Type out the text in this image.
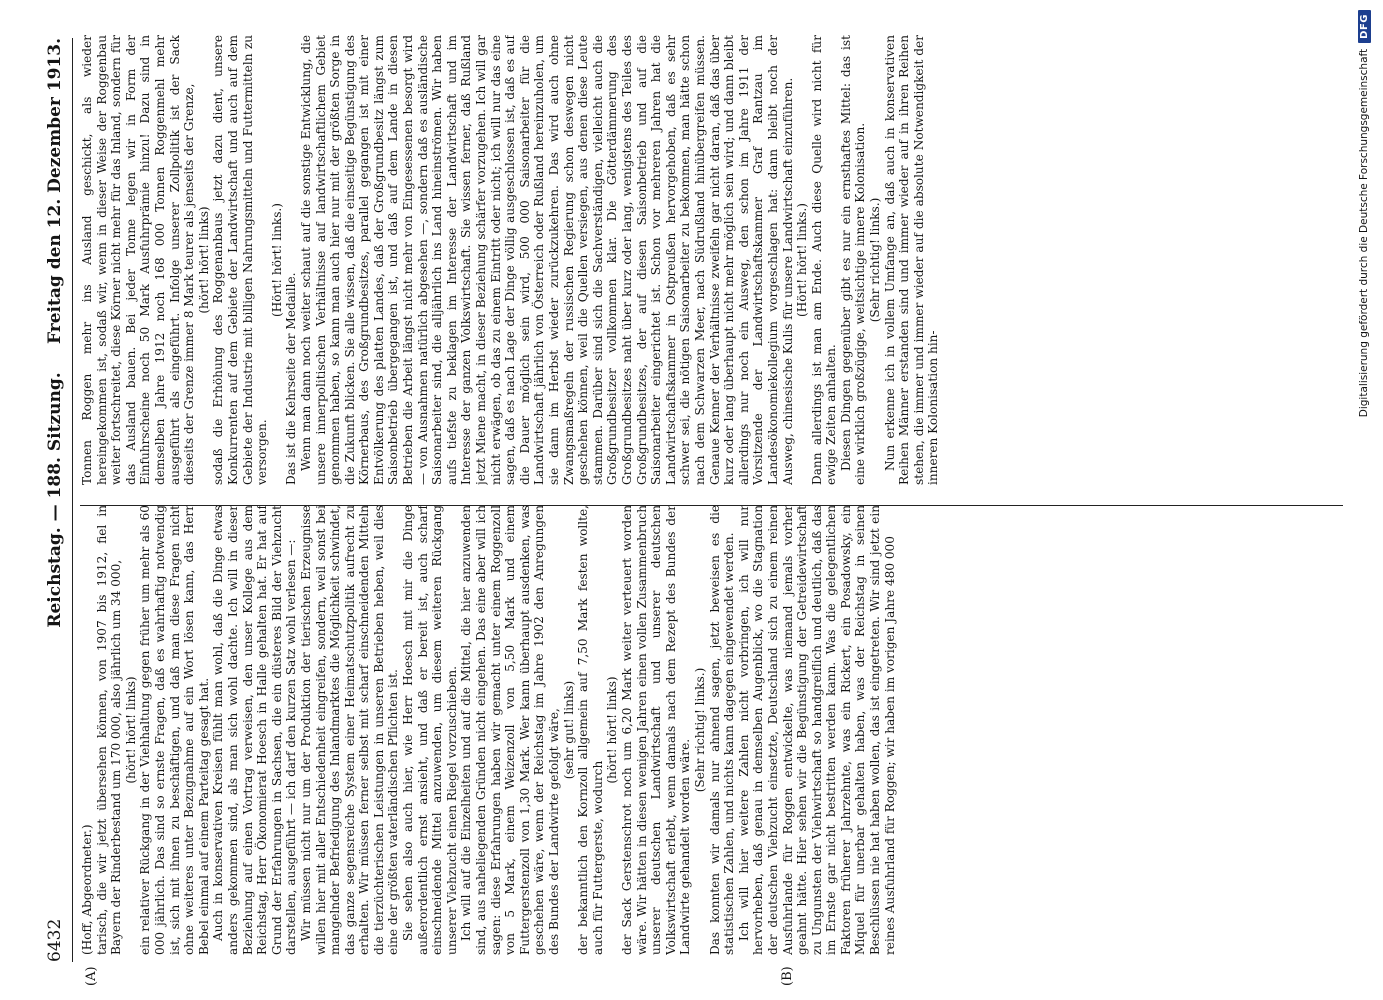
6432
Reichstag. — 188. Sitzung.
Freitag den 12. Dezember 1913.
(A)	(B)

(Hoff, Abgeordneter.) tarisch, die wir jetzt übersehen können, von 1907 bis 1912, fiel in Bayern der Rinderbestand um 170 000, also jährlich um 34 000, (hört! hört! links) ein relativer Rückgang in der Viehhaltung gegen früher um mehr als 60 000 jährlich. Das sind so ernste Fragen, daß es wahrhaftig notwendig ist, sich mit ihnen zu beschäftigen, und daß man diese Fragen nicht ohne weiteres unter Bezugnahme auf ein Wort lösen kann, das Herr Bebel einmal auf einem Parteitag gesagt hat. Auch in konservativen Kreisen fühlt man wohl, daß die Dinge etwas anders gekommen sind, als man sich wohl dachte. Ich will in dieser Beziehung auf einen Vortrag verweisen, den unser Kollege aus dem Reichstag, Herr Ökonomierat Hoesch in Halle gehalten hat. Er hat auf Grund der Erfahrungen in Sachsen, die ein düsteres Bild der Viehzucht darstellen, ausgeführt — ich darf den kurzen Satz wohl verlesen —: Wir müssen nicht nur um der Produktion der tierischen Erzeugnisse willen hier mit aller Entschiedenheit eingreifen, sondern, weil sonst bei mangelnder Befriedigung des Inlandmarktes die Möglichkeit schwindet, das ganze segensreiche System einer Heimatschutzpolitik aufrecht zu erhalten. Wir müssen ferner selbst mit scharf einschneidenden Mitteln die tierzüchterischen Leistungen in unseren Betrieben heben, weil dies eine der größten vaterländischen Pflichten ist. Sie sehen also auch hier, wie Herr Hoesch mit mir die Dinge außerordentlich ernst ansieht, und daß er bereit ist, auch scharf einschneidende Mittel anzuwenden, um diesem weiteren Rückgang unserer Viehzucht einen Riegel vorzuschieben. Ich will auf die Einzelheiten und auf die Mittel, die hier anzuwenden sind, aus naheliegenden Gründen nicht eingehen. Das eine aber will ich sagen: diese Erfahrungen haben wir gemacht unter einem Roggenzoll von 5 Mark, einem Weizenzoll von 5,50 Mark und einem Futtergerstenzoll von 1,30 Mark. Wer kann überhaupt ausdenken, was geschehen wäre, wenn der Reichstag im Jahre 1902 den Anregungen des Bundes der Landwirte gefolgt wäre, (sehr gut! links) der bekanntlich den Kornzoll allgemein auf 7,50 Mark festen wollte, auch für Futtergerste, wodurch

(hört! hört! links) der Sack Gerstenschrot noch um 6,20 Mark weiter verteuert worden wäre. Wir hätten in diesen wenigen Jahren einen vollen Zusammenbruch unserer deutschen Landwirtschaft und unserer deutschen Volkswirtschaft erlebt, wenn damals nach dem Rezept des Bundes der Landwirte gehandelt worden wäre.

(Sehr richtig! links.) Das konnten wir damals nur ahnend sagen, jetzt beweisen es die statistischen Zahlen, und nichts kann dagegen eingewendet werden. Ich will hier weitere Zahlen nicht vorbringen, ich will nur hervorheben, daß genau in demselben Augenblick, wo die Stagnation der deutschen Viehzucht einsetzte, Deutschland sich zu einem reinen Ausfuhrlande für Roggen entwickelte, was niemand jemals vorher geahnt hätte. Hier sehen wir die Begünstigung der Getreidewirtschaft zu Ungunsten der Viehwirtschaft so handgreiflich und deutlich, daß das im Ernste gar nicht bestritten werden kann. Was die gelegentlichen Faktoren früherer Jahrzehnte, was ein Rickert, ein Posadowsky, ein Miquel für unerbar gehalten haben, was der Reichstag in seinen Beschlüssen nie hat haben wollen, das ist eingetreten. Wir sind jetzt ein reines Ausfuhrland für Roggen; wir haben im vorigen Jahre 480 000

Tonnen Roggen mehr ins Ausland geschickt, als wieder hereingekommen ist, sodaß wir, wenn in dieser Weise der Roggenbau weiter fortschreitet, diese Körner nicht mehr für das Inland, sondern für das Ausland bauen. Bei jeder Tonne legen wir in Form der Einfuhrscheine noch 50 Mark Ausfuhrprämie hinzu! Dazu sind in demselben Jahre 1912 noch 168 000 Tonnen Roggenmehl mehr ausgeführt als eingeführt. Infolge unserer Zollpolitik ist der Sack dieseits der Grenze immer 8 Mark teurer als jenseits der Grenze, (hört! hört! links) sodaß die Erhöhung des Roggenanbaus jetzt dazu dient, unsere Konkurrenten auf dem Gebiete der Landwirtschaft und auch auf dem Gebiete der Industrie mit billigen Nahrungsmitteln und Futtermitteln zu versorgen.

(Hört! hört! links.)

Das ist die Kehrseite der Medaille. Wenn man dann noch weiter schaut auf die sonstige Entwicklung, die unsere innerpolitischen Verhältnisse auf landwirtschaftlichem Gebiet genommen haben, so kann man auch hier nur mit der größten Sorge in die Zukunft blicken. Sie alle wissen, daß die einseitige Begünstigung des Körnerbaus, des Großgrundbesitzes, parallel gegangen ist mit einer Entvölkerung des platten Landes, daß der Großgrundbesitz längst zum Saisonbetrieb übergegangen ist, und daß auf dem Lande in diesen Betrieben die Arbeit längst nicht mehr von Eingesessenen besorgt wird — von Ausnahmen natürlich abgesehen —, sondern daß es ausländische Saisonarbeiter sind, die alljährlich ins Land hineinströmen. Wir haben aufs tiefste zu beklagen im Interesse der Landwirtschaft und im Interesse der ganzen Volkswirtschaft. Sie wissen ferner, daß Rußland jetzt Miene macht, in dieser Beziehung schärfer vorzugehen. Ich will gar nicht erwägen, ob das zu einem Eintritt oder nicht; ich will nur das eine sagen, daß es nach Lage der Dinge völlig ausgeschlossen ist, daß es auf die Dauer möglich sein wird, 500 000 Saisonarbeiter für die Landwirtschaft jährlich von Österreich oder Rußland hereinzuholen, um sie dann im Herbst wieder zurückzukehren. Das wird auch ohne Zwangsmaßregeln der russischen Regierung schon deswegen nicht geschehen können, weil die Quellen versiegen, aus denen diese Leute stammen. Darüber sind sich die Sachverständigen, vielleicht auch die Großgrundbesitzer vollkommen klar. Die Götterdämmerung des Großgrundbesitzes naht über kurz oder lang, wenigstens des Teiles des Großgrundbesitzes, der auf diesen Saisonbetrieb und auf die Saisonarbeiter eingerichtet ist. Schon vor mehreren Jahren hat die Landwirtschaftskammer in Ostpreußen hervorgehoben, daß es sehr schwer sei, die nötigen Saisonarbeiter zu bekommen, man hätte schon nach dem Schwarzen Meer, nach Südrußland hinübergreifen müssen. Genaue Kenner der Verhältnisse zweifeln gar nicht daran, daß das über kurz oder lang überhaupt nicht mehr möglich sein wird; und dann bleibt allerdings nur noch ein Ausweg, den schon im Jahre 1911 der Vorsitzende der Landwirtschaftskammer Graf Rantzau im Landesökonomiekollegium vorgeschlagen hat: dann bleibt noch der Ausweg, chinesische Kulis für unsere Landwirtschaft einzuführen. (Hört! hört! links.) Dann allerdings ist man am Ende. Auch diese Quelle wird nicht für ewige Zeiten anhalten. Diesen Dingen gegenüber gibt es nur ein ernsthaftes Mittel: das ist eine wirklich großzügige, weitsichtige innere Kolonisation. (Sehr richtig! links.) Nun erkenne ich in vollem Umfange an, daß auch in konservativen Reihen Männer erstanden sind und immer wieder auf in ihren Reihen stehen, die immer und immer wieder auf die absolute Notwendigkeit der inneren Kolonisation hin-	Digitalisierung gefördert durch die Deutsche Forschungsgemeinschaft
DFG
